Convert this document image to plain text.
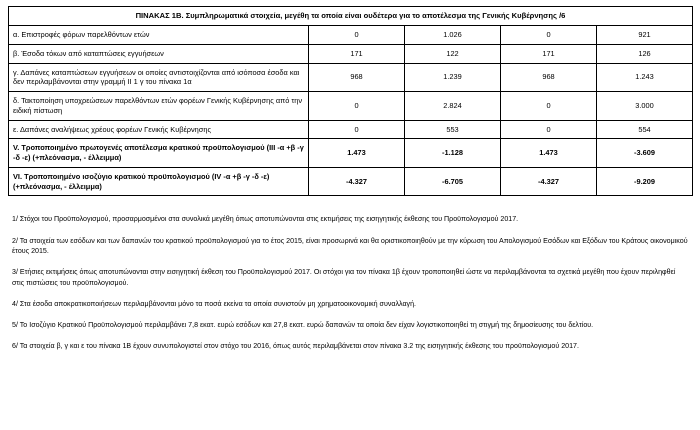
ΠΙΝΑΚΑΣ 1Β. Συμπληρωματικά στοιχεία, μεγέθη τα οποία είναι ουδέτερα για το αποτέλεσμα της Γενικής Κυβέρνησης /6				
α. Επιστροφές φόρων παρελθόντων ετών	0	1.026	0	921
β. Έσοδα τόκων από καταπτώσεις εγγυήσεων	171	122	171	126
γ. Δαπάνες καταπτώσεων εγγυήσεων οι οποίες αντιστοιχίζονται από ισόποσα έσοδα και δεν περιλαμβάνονται στην γραμμή ΙΙ 1 γ του πίνακα 1α	968	1.239	968	1.243
δ. Τακτοποίηση υποχρεώσεων παρελθόντων ετών φορέων Γενικής Κυβέρνησης από την ειδική πίστωση	0	2.824	0	3.000
ε. Δαπάνες αναλήψεως χρέους φορέων Γενικής Κυβέρνησης	0	553	0	554
V. Τροποποιημένο πρωτογενές αποτέλεσμα κρατικού προϋπολογισμού (ΙΙΙ -α +β -γ -δ -ε) (+πλεόνασμα, - έλλειμμα)	1.473	-1.128	1.473	-3.609
VI. Τροποποιημένο ισοζύγιο κρατικού προϋπολογισμού (IV -α +β -γ -δ -ε) (+πλεόνασμα, - έλλειμμα)	-4.327	-6.705	-4.327	-9.209
1/ Στόχοι του Προϋπολογισμού, προσαρμοσμένοι στα συνολικά μεγέθη όπως αποτυπώνονται στις εκτιμήσεις της εισηγητικής έκθεσης του Προϋπολογισμού 2017.
2/ Τα στοιχεία των εσόδων και των δαπανών του κρατικού προϋπολογισμού για το έτος 2015, είναι προσωρινά και θα οριστικοποιηθούν με την κύρωση του Απολογισμού Εσόδων και Εξόδων του Κράτους οικονομικού έτους 2015.
3/ Ετήσιες εκτιμήσεις όπως αποτυπώνονται στην εισηγητική έκθεση του Προϋπολογισμού 2017. Οι στόχοι για τον πίνακα 1β έχουν τροποποιηθεί ώστε να περιλαμβάνονται τα σχετικά μεγέθη που έχουν περιληφθεί στις πιστώσεις του προϋπολογισμού.
4/ Στα έσοδα αποκρατικοποιήσεων περιλαμβάνονται μόνο τα ποσά εκείνα τα οποία συνιστούν μη χρηματοοικονομική συναλλαγή.
5/ Το Ισοζύγιο Κρατικού Προϋπολογισμού περιλαμβάνει 7,8 εκατ. ευρώ εσόδων και 27,8 εκατ. ευρώ δαπανών τα οποία δεν είχαν λογιστικοποιηθεί τη στιγμή της δημοσίευσης του δελτίου.
6/ Τα στοιχεία β, γ και ε του πίνακα 1Β έχουν συνυπολογιστεί στον στόχο του 2016, όπως αυτός περιλαμβάνεται στον πίνακα 3.2 της εισηγητικής έκθεσης του προϋπολογισμού 2017.
